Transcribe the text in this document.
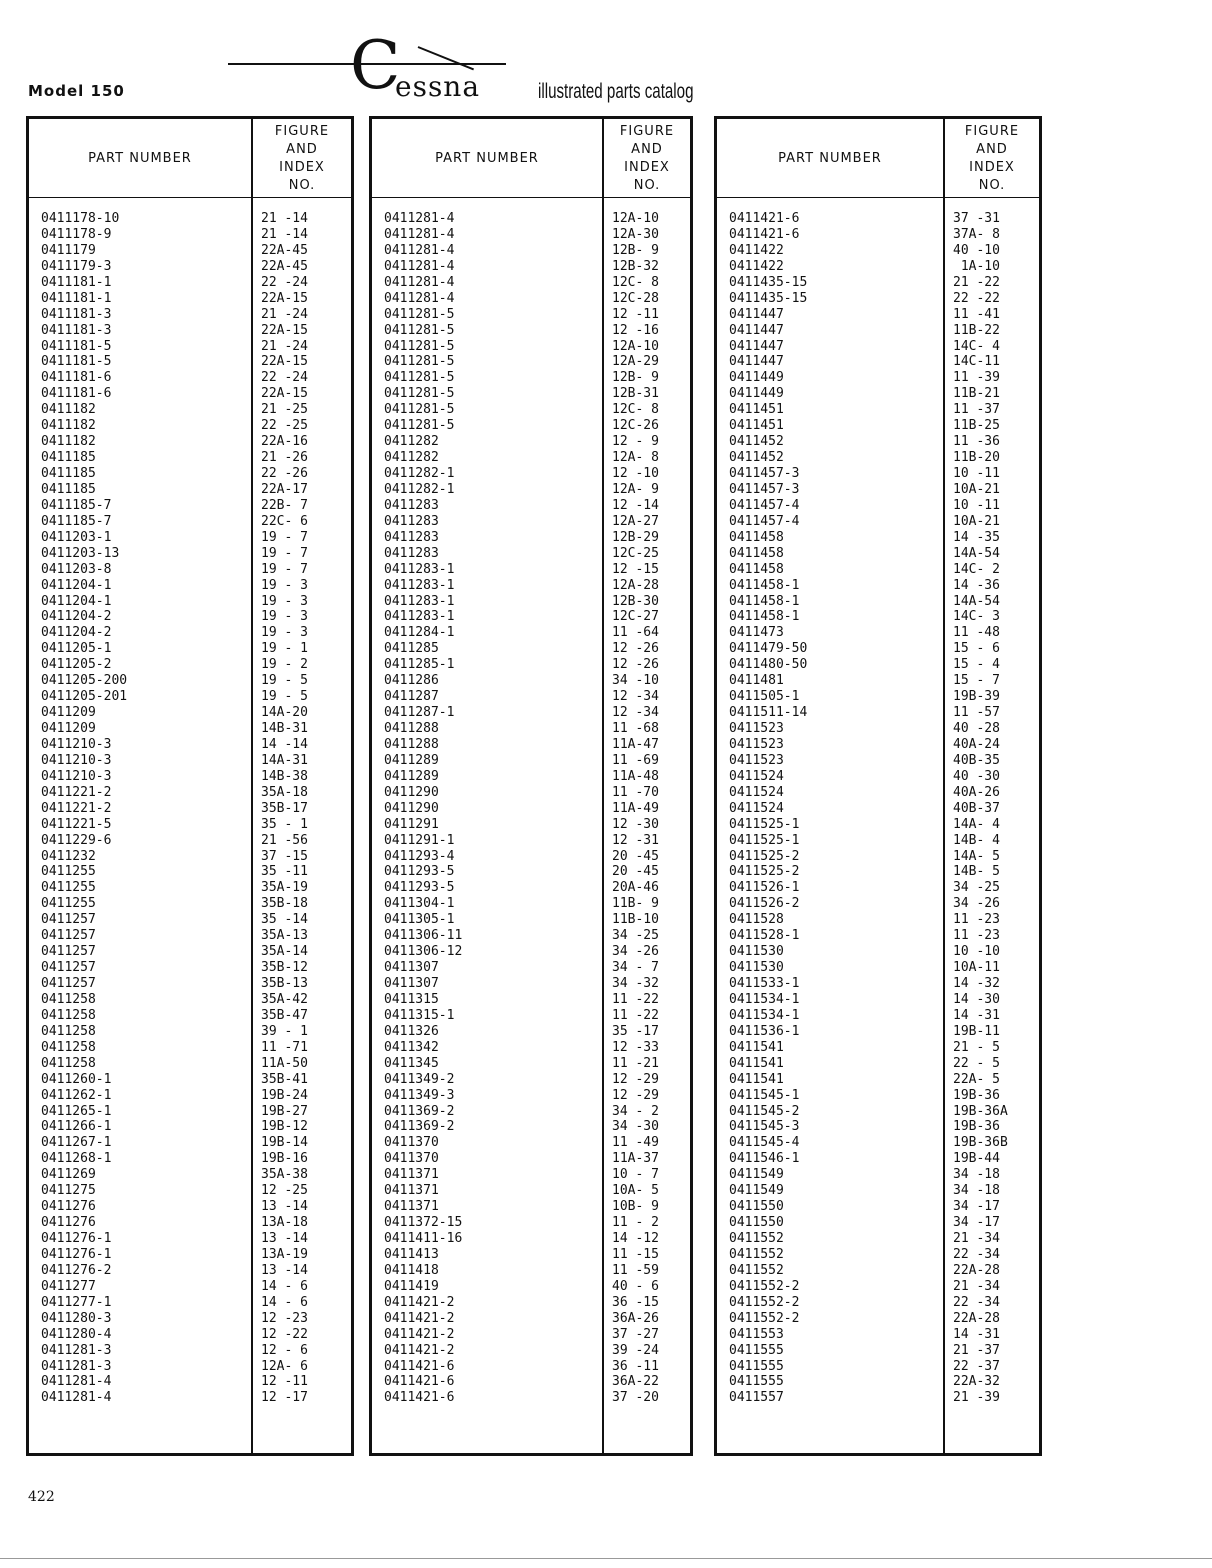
Model 150	C
essna	illustrated parts catalog
PART NUMBER
FIGURE
AND
INDEX
NO.
0411178-10	21 -14
0411178-9	21 -14
0411179	22A-45
0411179-3	22A-45
0411181-1	22 -24
0411181-1	22A-15
0411181-3	21 -24
0411181-3	22A-15
0411181-5	21 -24
0411181-5	22A-15
0411181-6	22 -24
0411181-6	22A-15
0411182	21 -25
0411182	22 -25
0411182	22A-16
0411185	21 -26
0411185	22 -26
0411185	22A-17
0411185-7	22B- 7
0411185-7	22C- 6
0411203-1	19 - 7
0411203-13	19 - 7
0411203-8	19 - 7
0411204-1	19 - 3
0411204-1	19 - 3
0411204-2	19 - 3
0411204-2	19 - 3
0411205-1	19 - 1
0411205-2	19 - 2
0411205-200	19 - 5
0411205-201	19 - 5
0411209	14A-20
0411209	14B-31
0411210-3	14 -14
0411210-3	14A-31
0411210-3	14B-38
0411221-2	35A-18
0411221-2	35B-17
0411221-5	35 - 1
0411229-6	21 -56
0411232	37 -15
0411255	35 -11
0411255	35A-19
0411255	35B-18
0411257	35 -14
0411257	35A-13
0411257	35A-14
0411257	35B-12
0411257	35B-13
0411258	35A-42
0411258	35B-47
0411258	39 - 1
0411258	11 -71
0411258	11A-50
0411260-1	35B-41
0411262-1	19B-24
0411265-1	19B-27
0411266-1	19B-12
0411267-1	19B-14
0411268-1	19B-16
0411269	35A-38
0411275	12 -25
0411276	13 -14
0411276	13A-18
0411276-1	13 -14
0411276-1	13A-19
0411276-2	13 -14
0411277	14 - 6
0411277-1	14 - 6
0411280-3	12 -23
0411280-4	12 -22
0411281-3	12 - 6
0411281-3	12A- 6
0411281-4	12 -11
0411281-4	12 -17
PART NUMBER
FIGURE
AND
INDEX
NO.
0411281-4	12A-10
0411281-4	12A-30
0411281-4	12B- 9
0411281-4	12B-32
0411281-4	12C- 8
0411281-4	12C-28
0411281-5	12 -11
0411281-5	12 -16
0411281-5	12A-10
0411281-5	12A-29
0411281-5	12B- 9
0411281-5	12B-31
0411281-5	12C- 8
0411281-5	12C-26
0411282	12 - 9
0411282	12A- 8
0411282-1	12 -10
0411282-1	12A- 9
0411283	12 -14
0411283	12A-27
0411283	12B-29
0411283	12C-25
0411283-1	12 -15
0411283-1	12A-28
0411283-1	12B-30
0411283-1	12C-27
0411284-1	11 -64
0411285	12 -26
0411285-1	12 -26
0411286	34 -10
0411287	12 -34
0411287-1	12 -34
0411288	11 -68
0411288	11A-47
0411289	11 -69
0411289	11A-48
0411290	11 -70
0411290	11A-49
0411291	12 -30
0411291-1	12 -31
0411293-4	20 -45
0411293-5	20 -45
0411293-5	20A-46
0411304-1	11B- 9
0411305-1	11B-10
0411306-11	34 -25
0411306-12	34 -26
0411307	34 - 7
0411307	34 -32
0411315	11 -22
0411315-1	11 -22
0411326	35 -17
0411342	12 -33
0411345	11 -21
0411349-2	12 -29
0411349-3	12 -29
0411369-2	34 - 2
0411369-2	34 -30
0411370	11 -49
0411370	11A-37
0411371	10 - 7
0411371	10A- 5
0411371	10B- 9
0411372-15	11 - 2
0411411-16	14 -12
0411413	11 -15
0411418	11 -59
0411419	40 - 6
0411421-2	36 -15
0411421-2	36A-26
0411421-2	37 -27
0411421-2	39 -24
0411421-6	36 -11
0411421-6	36A-22
0411421-6	37 -20
PART NUMBER
FIGURE
AND
INDEX
NO.
0411421-6	37 -31
0411421-6	37A- 8
0411422	40 -10
0411422	1A-10
0411435-15	21 -22
0411435-15	22 -22
0411447	11 -41
0411447	11B-22
0411447	14C- 4
0411447	14C-11
0411449	11 -39
0411449	11B-21
0411451	11 -37
0411451	11B-25
0411452	11 -36
0411452	11B-20
0411457-3	10 -11
0411457-3	10A-21
0411457-4	10 -11
0411457-4	10A-21
0411458	14 -35
0411458	14A-54
0411458	14C- 2
0411458-1	14 -36
0411458-1	14A-54
0411458-1	14C- 3
0411473	11 -48
0411479-50	15 - 6
0411480-50	15 - 4
0411481	15 - 7
0411505-1	19B-39
0411511-14	11 -57
0411523	40 -28
0411523	40A-24
0411523	40B-35
0411524	40 -30
0411524	40A-26
0411524	40B-37
0411525-1	14A- 4
0411525-1	14B- 4
0411525-2	14A- 5
0411525-2	14B- 5
0411526-1	34 -25
0411526-2	34 -26
0411528	11 -23
0411528-1	11 -23
0411530	10 -10
0411530	10A-11
0411533-1	14 -32
0411534-1	14 -30
0411534-1	14 -31
0411536-1	19B-11
0411541	21 - 5
0411541	22 - 5
0411541	22A- 5
0411545-1	19B-36
0411545-2	19B-36A
0411545-3	19B-36
0411545-4	19B-36B
0411546-1	19B-44
0411549	34 -18
0411549	34 -18
0411550	34 -17
0411550	34 -17
0411552	21 -34
0411552	22 -34
0411552	22A-28
0411552-2	21 -34
0411552-2	22 -34
0411552-2	22A-28
0411553	14 -31
0411555	21 -37
0411555	22 -37
0411555	22A-32
0411557	21 -39
422
